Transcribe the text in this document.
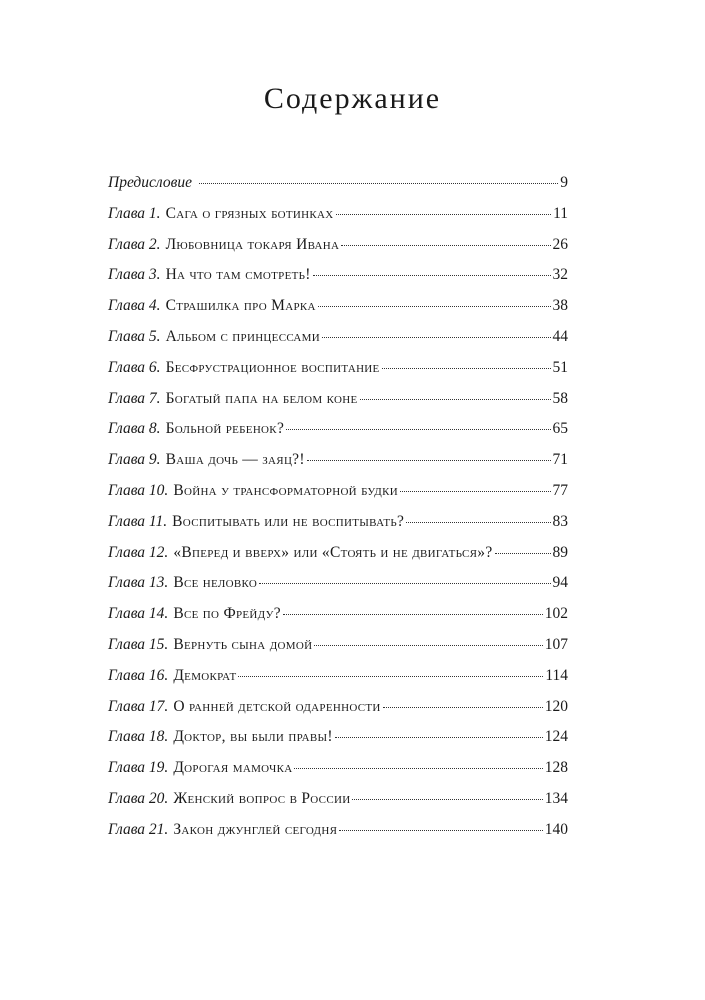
Содержание
Предисловие	9
Глава 1. Сага о грязных ботинках	11
Глава 2. Любовница токаря Ивана	26
Глава 3. На что там смотреть!	32
Глава 4. Страшилка про Марка	38
Глава 5. Альбом с принцессами	44
Глава 6. Бесфрустрационное воспитание	51
Глава 7. Богатый папа на белом коне	58
Глава 8. Больной ребенок?	65
Глава 9. Ваша дочь — заяц?!	71
Глава 10. Война у трансформаторной будки	77
Глава 11. Воспитывать или не воспитывать?	83
Глава 12. «Вперед и вверх» или «Стоять и не двигаться»?	89
Глава 13. Все неловко	94
Глава 14. Все по Фрейду?	102
Глава 15. Вернуть сына домой	107
Глава 16. Демократ	114
Глава 17. О ранней детской одаренности	120
Глава 18. Доктор, вы были правы!	124
Глава 19. Дорогая мамочка	128
Глава 20. Женский вопрос в России	134
Глава 21. Закон джунглей сегодня	140
